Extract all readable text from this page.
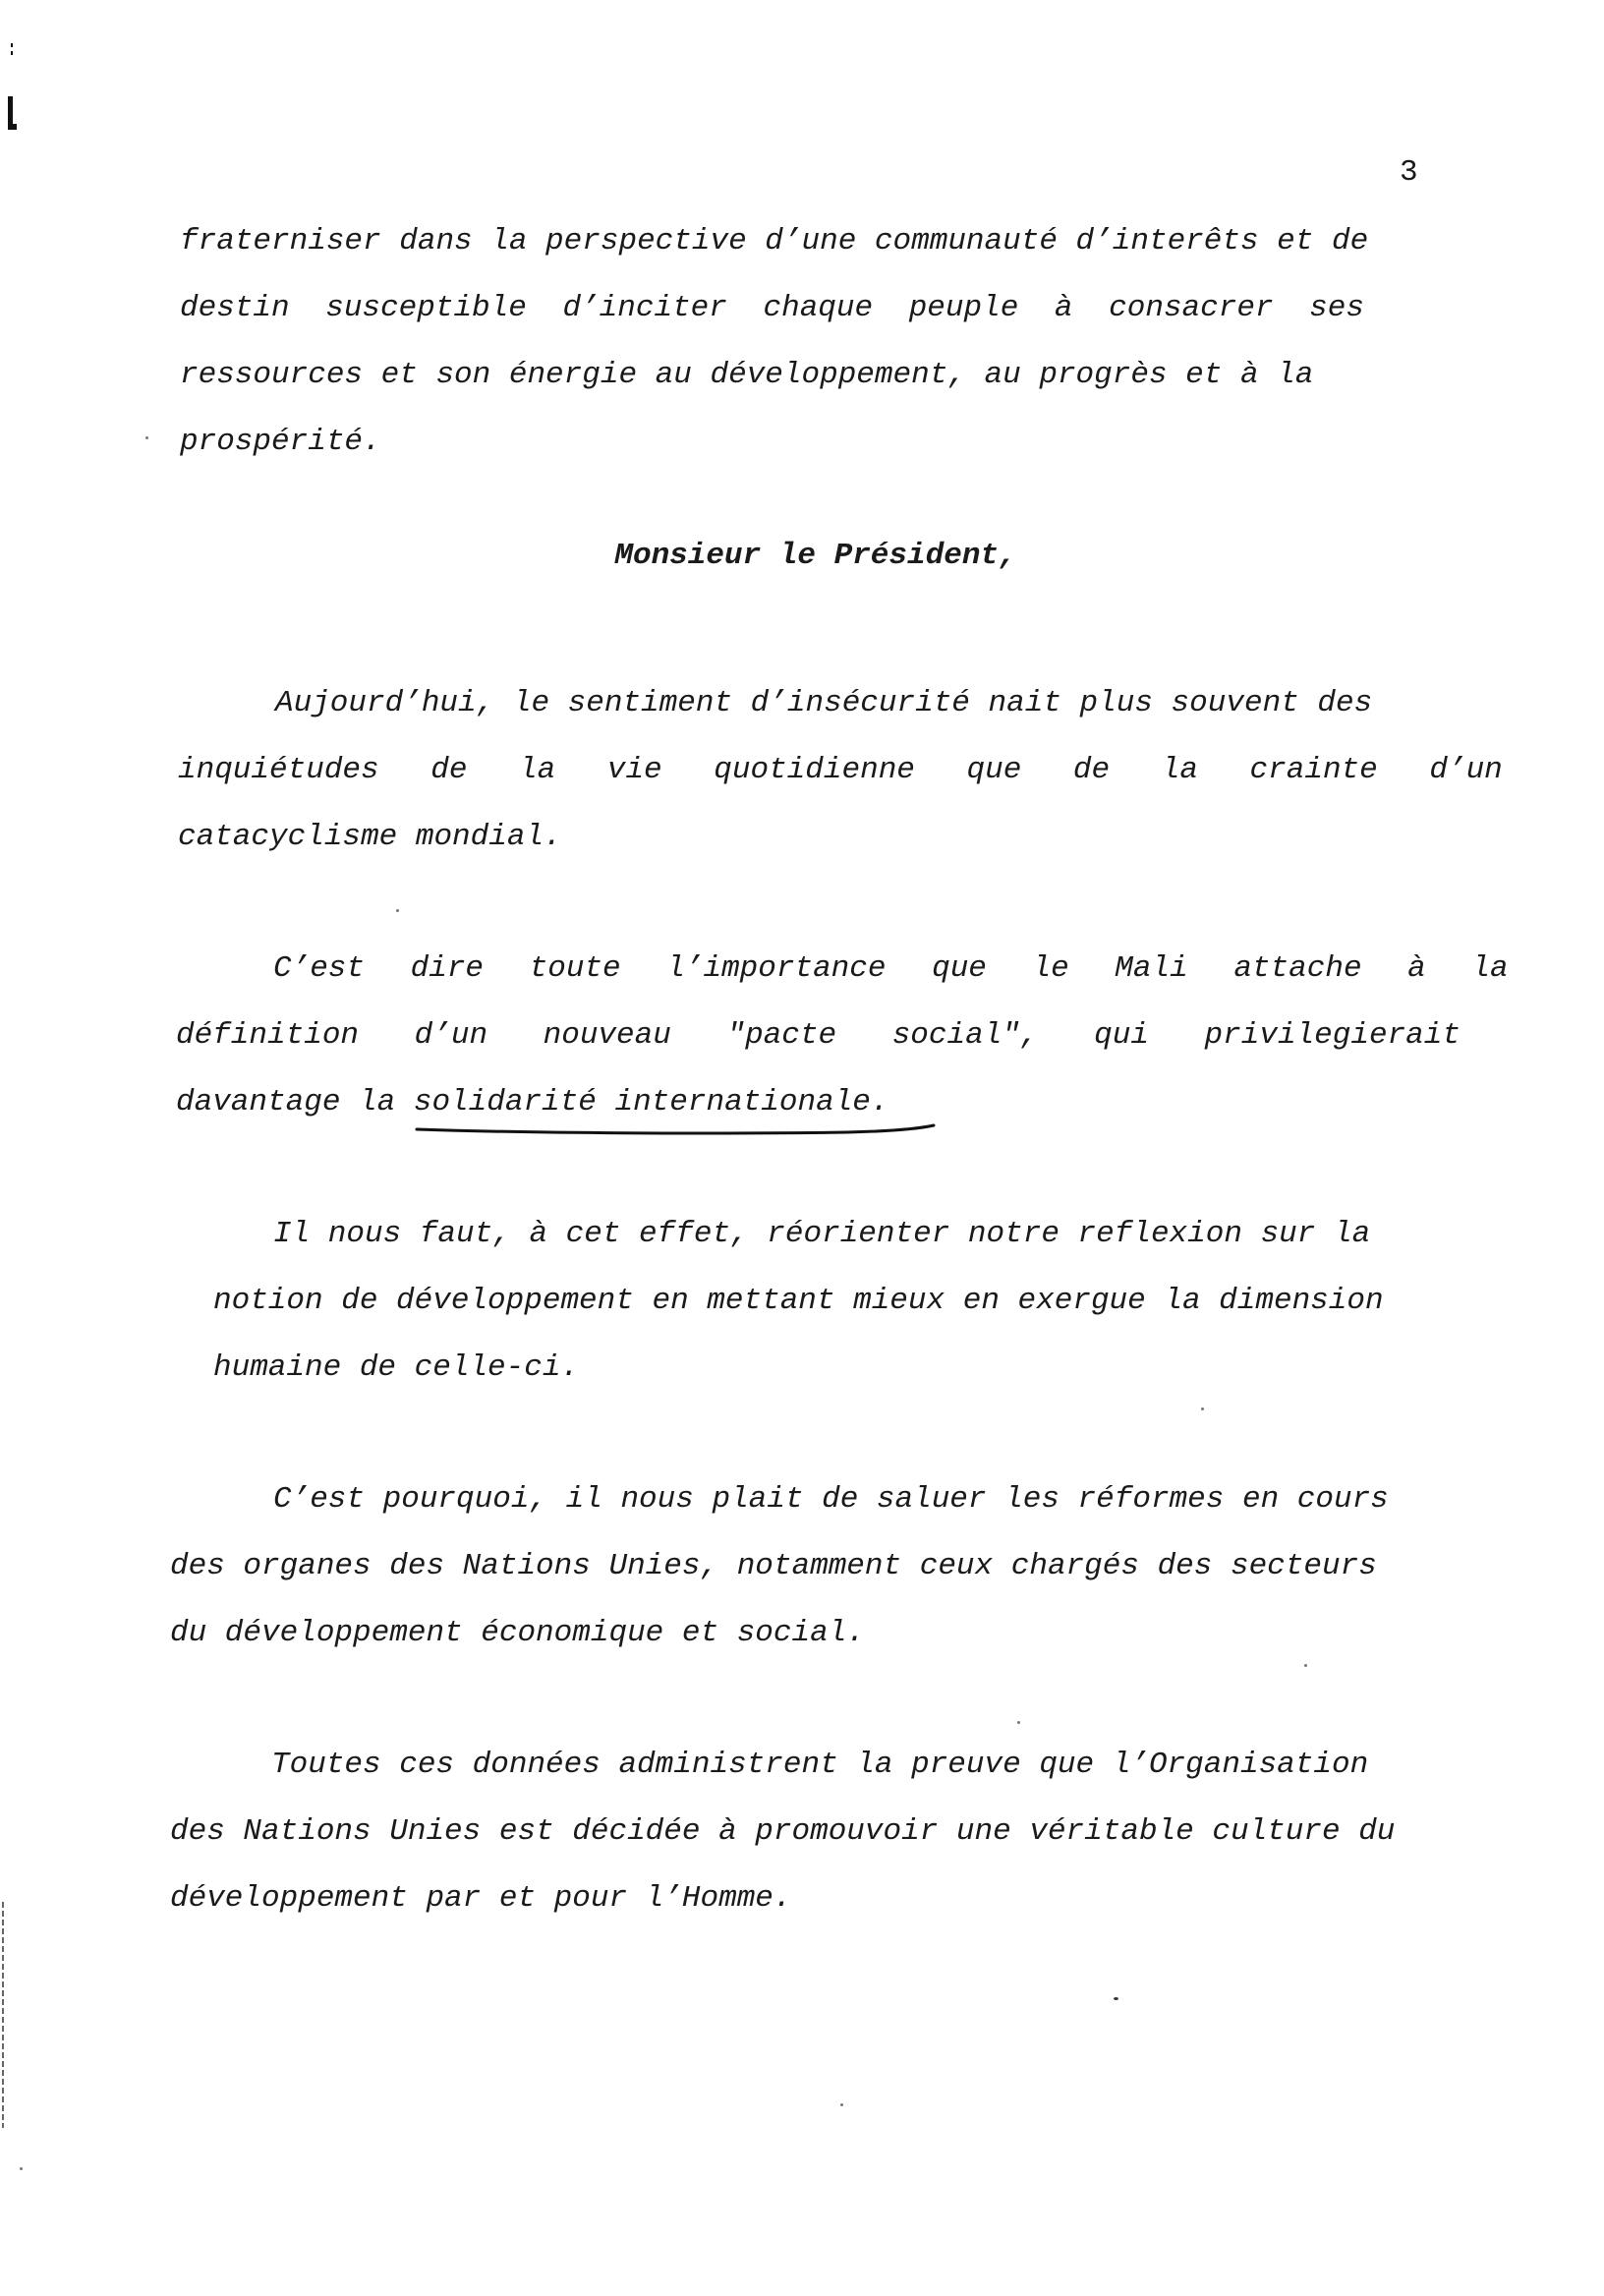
3
fraterniser dans la perspective d’une communauté d’interêts et de
destin susceptible d’inciter chaque peuple à consacrer ses
ressources et son énergie au développement, au progrès et à la
prospérité.
Monsieur le Président,
Aujourd’hui, le sentiment d’insécurité nait plus souvent des
inquiétudes de la vie quotidienne que de la crainte d’un
catacyclisme mondial.
C’est dire toute l’importance que le Mali attache à la
définition d’un nouveau "pacte social", qui privilegierait
davantage la solidarité internationale.
Il nous faut, à cet effet, réorienter notre reflexion sur la
notion de développement en mettant mieux en exergue la dimension
humaine de celle-ci.
C’est pourquoi, il nous plait de saluer les réformes en cours
des organes des Nations Unies, notamment ceux chargés des secteurs
du développement économique et social.
Toutes ces données administrent la preuve que l’Organisation
des Nations Unies est décidée à promouvoir une véritable culture du
développement par et pour l’Homme.
